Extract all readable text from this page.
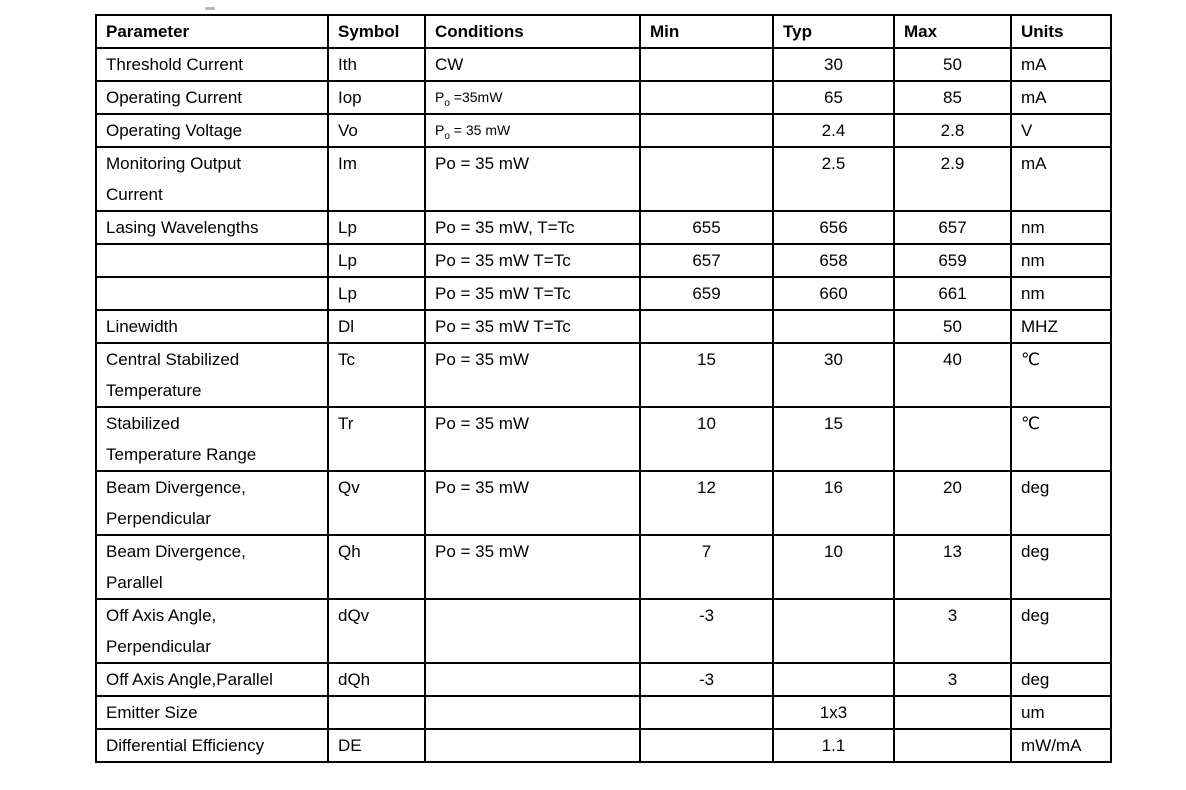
Parameter	Symbol	Conditions	Min	Typ	Max	Units
Threshold Current	Ith	CW		30	50	mA
Operating Current	Iop	$P_o =35mW$		65	85	mA
Operating Voltage	Vo	$P_o = 35$ mW		2.4	2.8	V
Monitoring Output
Current	Im	Po = 35 mW		2.5	2.9	mA
Lasing Wavelengths	Lp	Po = 35 mW, T=Tc	655	656	657	nm
	Lp	Po = 35 mW T=Tc	657	658	659	nm
	Lp	Po = 35 mW T=Tc	659	660	661	nm
Linewidth	Dl	Po = 35 mW T=Tc			50	MHZ
Central Stabilized
Temperature	Tc	Po = 35 mW	15	30	40	℃
Stabilized
Temperature Range	Tr	Po = 35 mW	10	15		℃
Beam Divergence,
Perpendicular	Qv	Po = 35 mW	12	16	20	deg
Beam Divergence,
Parallel	Qh	Po = 35 mW	7	10	13	deg
Off Axis Angle,
Perpendicular	dQv		-3		3	deg
Off Axis Angle,Parallel	dQh		-3		3	deg
Emitter Size				1x3		um
Differential Efficiency	DE			1.1		mW/mA
